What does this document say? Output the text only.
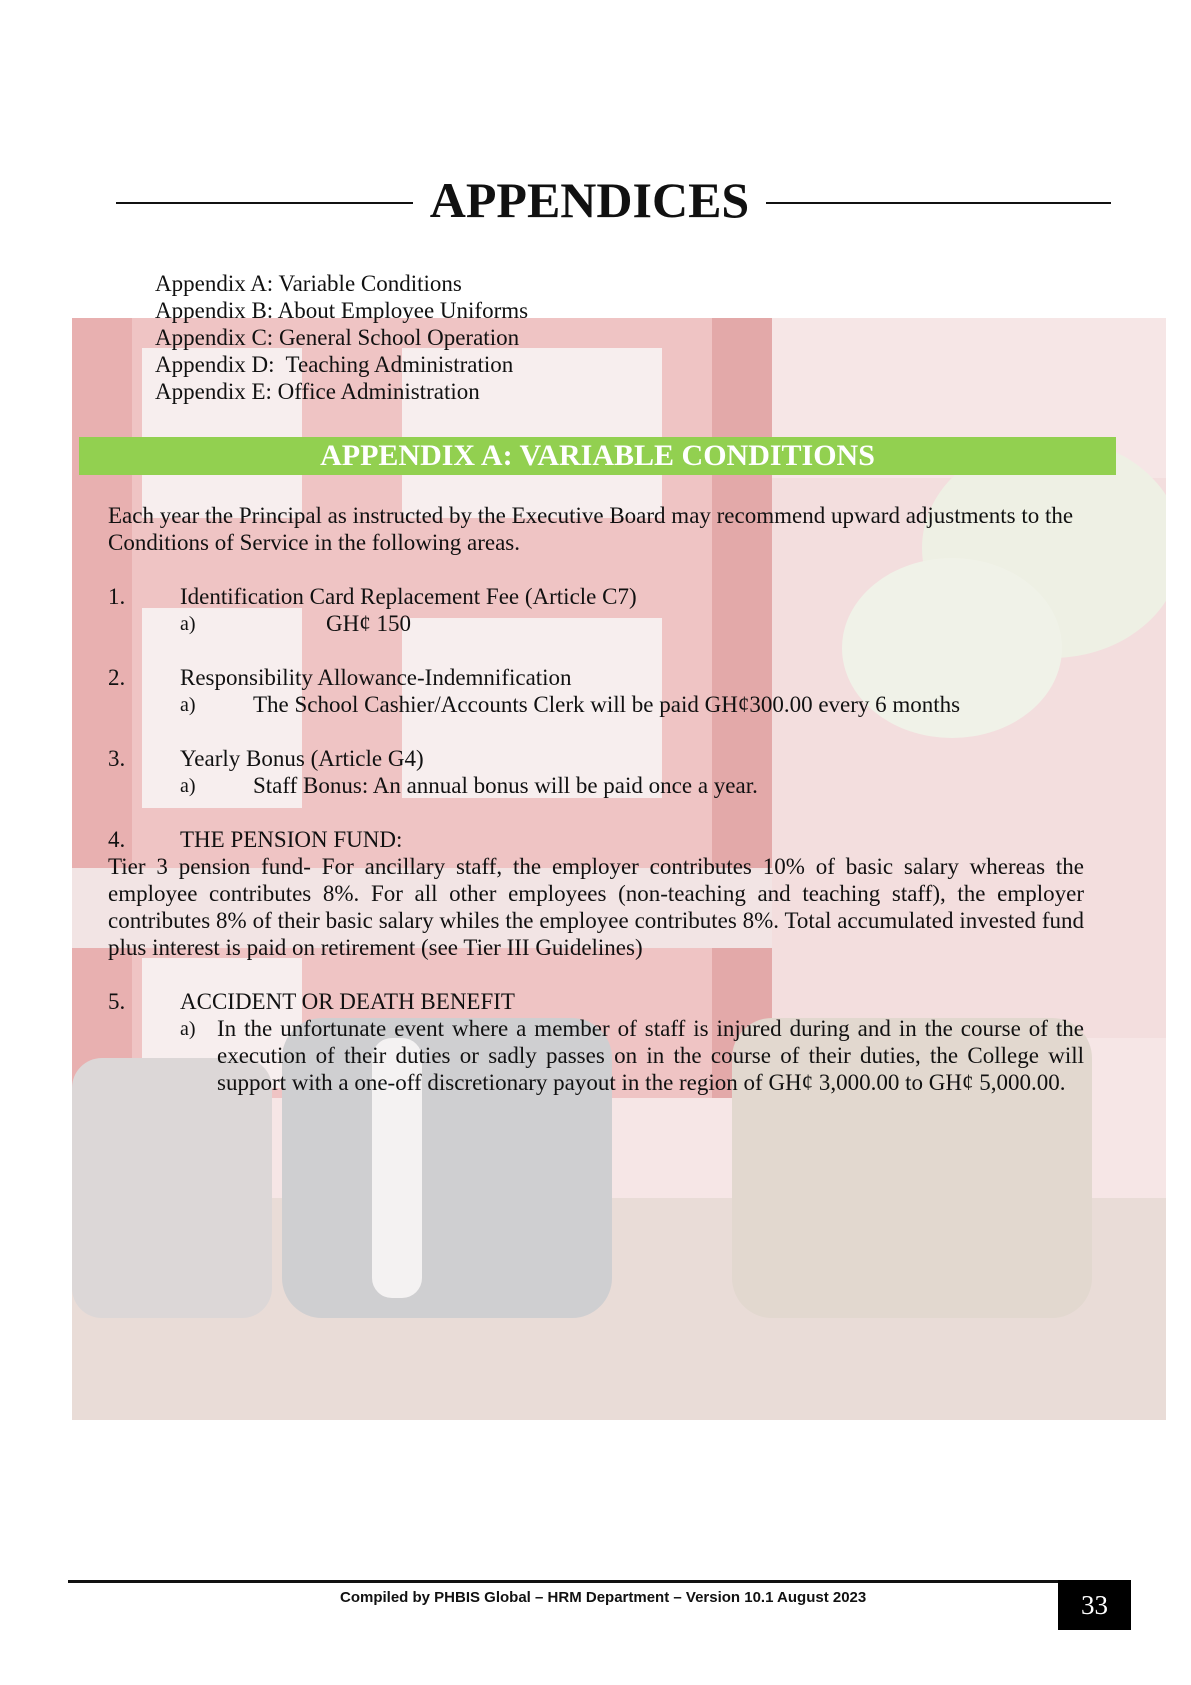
APPENDICES
Appendix A: Variable Conditions
Appendix B: About Employee Uniforms
Appendix C: General School Operation
Appendix D:  Teaching Administration
Appendix E: Office Administration
APPENDIX A: VARIABLE CONDITIONS
Each year the Principal as instructed by the Executive Board may recommend upward adjustments to the
Conditions of Service in the following areas.
1. Identification Card Replacement Fee (Article C7)
a)	GH¢ 150
2. Responsibility Allowance-Indemnification
a) The School Cashier/Accounts Clerk will be paid GH¢300.00 every 6 months
3. Yearly Bonus (Article G4)
a) Staff Bonus: An annual bonus will be paid once a year.
4. THE PENSION FUND:
Tier 3 pension fund- For ancillary staff, the employer contributes 10% of basic salary whereas the employee contributes 8%. For all other employees (non-teaching and teaching staff), the employer contributes 8% of their basic salary whiles the employee contributes 8%. Total accumulated invested fund plus interest is paid on retirement (see Tier III Guidelines)
5. ACCIDENT OR DEATH BENEFIT
a) In the unfortunate event where a member of staff is injured during and in the course of the execution of their duties or sadly passes on in the course of their duties, the College will support with a one-off discretionary payout in the region of GH¢ 3,000.00 to GH¢ 5,000.00.
Compiled by PHBIS Global – HRM Department – Version 10.1 August 2023	33
